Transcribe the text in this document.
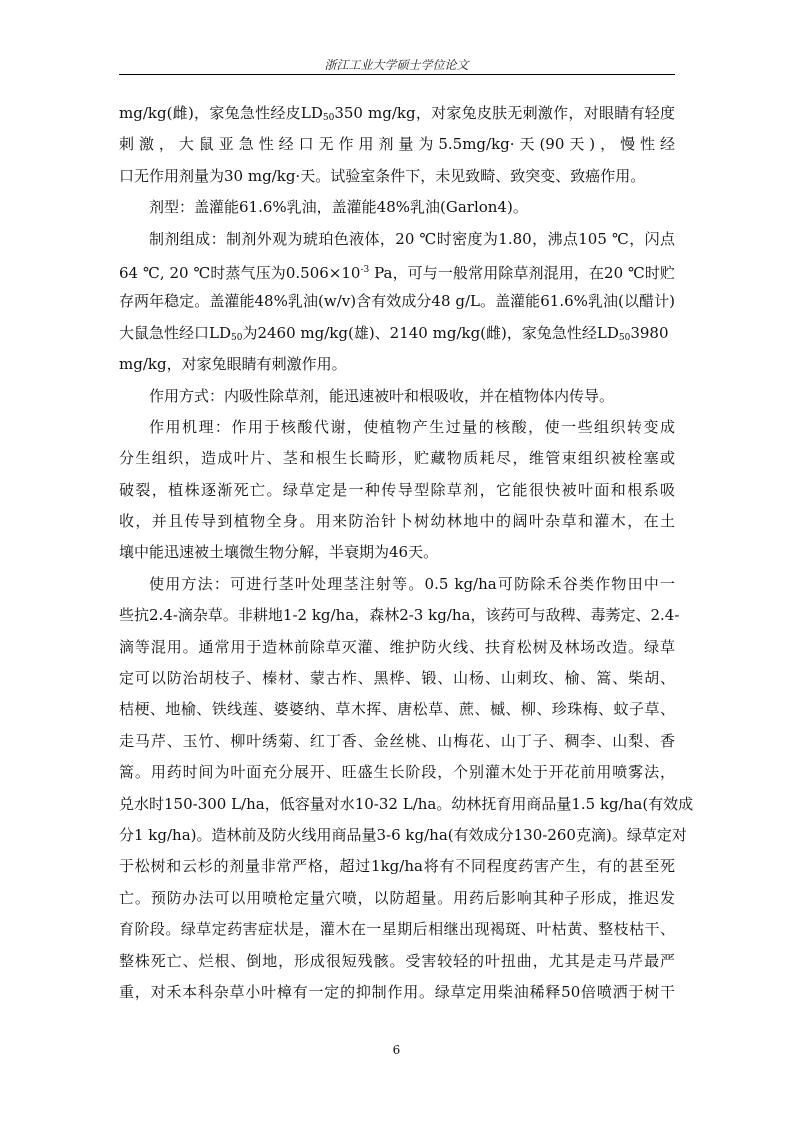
浙江工业大学硕士学位论文
mg/kg(雌)，家兔急性经皮$LD_{50}350$ mg/kg，对家兔皮肤无刺激作，对眼睛有轻度
刺激，大鼠亚急性经口无作用剂量为5.5mg/kg·天(90天)，慢性经
口无作用剂量为30 mg/kg·天。试验室条件下，未见致畸、致突变、致癌作用。
剂型：盖灌能61.6%乳油，盖灌能48%乳油(Garlon4)。
制剂组成：制剂外观为琥珀色液体，20 ℃时密度为1.80，沸点105 ℃，闪点
64 ℃, 20 ℃时蒸气压为$0.506\times 10^{-3}$ Pa，可与一般常用除草剂混用，在20 ℃时贮
存两年稳定。盖灌能48%乳油(w/v)含有效成分48 g/L。盖灌能61.6%乳油(以醋计)
大鼠急性经口$LD_{50}$为2460 mg/kg(雄)、2140 mg/kg(雌)，家兔急性经$LD_{50}3980$
mg/kg，对家兔眼睛有刺激作用。
作用方式：内吸性除草剂，能迅速被叶和根吸收，并在植物体内传导。
作用机理：作用于核酸代谢，使植物产生过量的核酸，使一些组织转变成
分生组织，造成叶片、茎和根生长畸形，贮藏物质耗尽，维管束组织被栓塞或
破裂，植株逐渐死亡。绿草定是一种传导型除草剂，它能很快被叶面和根系吸
收，并且传导到植物全身。用来防治针卜树幼林地中的阔叶杂草和灌木，在土
壤中能迅速被土壤微生物分解，半衰期为46天。
使用方法：可进行茎叶处理茎注射等。0.5 kg/ha可防除禾谷类作物田中一
些抗2.4-滴杂草。非耕地1-2 kg/ha，森林2-3 kg/ha，该药可与敌稗、毒莠定、2.4-
滴等混用。通常用于造林前除草灭灌、维护防火线、扶育松树及林场改造。绿草
定可以防治胡枝子、榛材、蒙古柞、黑桦、锻、山杨、山刺玫、榆、篙、柴胡、
桔梗、地榆、铁线莲、婆婆纳、草木挥、唐松草、蔗、槭、柳、珍珠梅、蚊子草、
走马芹、玉竹、柳叶绣菊、红丁香、金丝桃、山梅花、山丁子、稠李、山梨、香
篙。用药时间为叶面充分展开、旺盛生长阶段，个别灌木处于开花前用喷雾法，
兑水时150-300 L/ha，低容量对水10-32 L/ha。幼林抚育用商品量1.5 kg/ha(有效成
分1 kg/ha)。造林前及防火线用商品量3-6 kg/ha(有效成分130-260克滴)。绿草定对
于松树和云杉的剂量非常严格，超过1kg/ha将有不同程度药害产生，有的甚至死
亡。预防办法可以用喷枪定量穴喷，以防超量。用药后影响其种子形成，推迟发
育阶段。绿草定药害症状是，灌木在一星期后相继出现褐斑、叶枯黄、整枝枯干、
整株死亡、烂根、倒地，形成很短残骸。受害较轻的叶扭曲，尤其是走马芹最严
重，对禾本科杂草小叶樟有一定的抑制作用。绿草定用柴油稀释50倍喷洒于树干
6
